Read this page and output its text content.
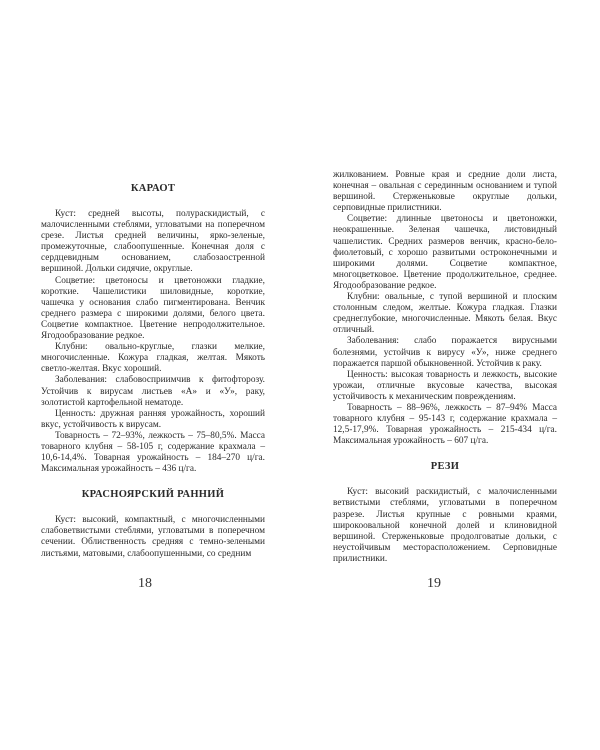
КАРАОТ

Куст: средней высоты, полураскидистый, с малочисленными стеблями, угловатыми на поперечном срезе. Листья средней величины, ярко-зеленые, промежуточные, слабоопушенные. Конечная доля с сердцевидным основанием, слабозаостренной вершиной. Дольки сидячие, округлые.

Соцветие: цветоносы и цветоножки гладкие, короткие. Чашелистики шиловидные, короткие, чашечка у основания слабо пигментирована. Венчик среднего размера с широкими долями, белого цвета. Соцветие компактное. Цветение непродолжительное. Ягодообразование редкое.

Клубни: овально-круглые, глазки мелкие, многочисленные. Кожура гладкая, желтая. Мякоть светло-желтая. Вкус хороший.

Заболевания: слабовосприимчив к фитофторозу. Устойчив к вирусам листьев «А» и «У», раку, золотистой картофельной нематоде.

Ценность: дружная ранняя урожайность, хороший вкус, устойчивость к вирусам.

Товарность – 72–93%, лежкость – 75–80,5%. Масса товарного клубня – 58-105 г, содержание крахмала – 10,6-14,4%. Товарная урожайность – 184–270 ц/га. Максимальная урожайность – 436 ц/га.

КРАСНОЯРСКИЙ РАННИЙ

Куст: высокий, компактный, с многочисленными слабоветвистыми стеблями, угловатыми в поперечном сечении. Облиственность средняя с темно-зелеными листьями, матовыми, слабоопушенными, со средним

18	19

жилкованием. Ровные края и средние доли листа, конечная – овальная с серединным основанием и тупой вершиной. Стерженьковые округлые дольки, серповидные прилистники.

Соцветие: длинные цветоносы и цветоножки, неокрашенные. Зеленая чашечка, листовидный чашелистик. Средних размеров венчик, красно-бело-фиолетовый, с хорошо развитыми остроконечными и широкими долями. Соцветие компактное, многоцветковое. Цветение продолжительное, среднее. Ягодообразование редкое.

Клубни: овальные, с тупой вершиной и плоским столонным следом, желтые. Кожура гладкая. Глазки среднеглубокие, многочисленные. Мякоть белая. Вкус отличный.

Заболевания: слабо поражается вирусными болезнями, устойчив к вирусу «У», ниже среднего поражается паршой обыкновенной. Устойчив к раку.

Ценность: высокая товарность и лежкость, высокие урожаи, отличные вкусовые качества, высокая устойчивость к механическим повреждениям.

Товарность – 88–96%, лежкость – 87–94% Масса товарного клубня – 95-143 г, содержание крахмала – 12,5-17,9%. Товарная урожайность – 215-434 ц/га. Максимальная урожайность – 607 ц/га.

РЕЗИ

Куст: высокий раскидистый, с малочисленными ветвистыми стеблями, угловатыми в поперечном разрезе. Листья крупные с ровными краями, широкоовальной конечной долей и клиновидной вершиной. Стерженьковые продолговатые дольки, с неустойчивым месторасположением. Серповидные прилистники.
